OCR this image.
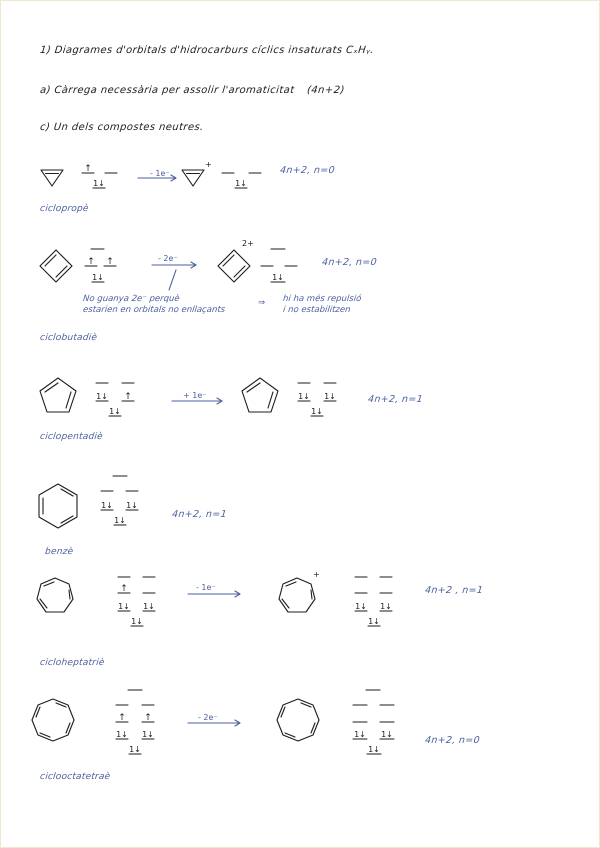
1) Diagrames d'orbitals d'hidrocarburs cíclics insaturats CₓHᵧ.
a) Càrrega necessària per assolir l'aromaticitat (4n+2)
c) Un dels compostes neutres.
ciclopropè
ciclobutadiè
ciclopentadiè
benzè
cicloheptatriè
ciclooctatetraè
4n+2, n=0
4n+2, n=0
4n+2, n=1
4n+2, n=1
4n+2 , n=1
4n+2, n=0
No guanya 2e⁻ perquè
estarien en orbitals no enllaçants
⇒ hi ha més repulsió
i no estabilitzen
↑
1↓
- 1e⁻
+
1↓
↑ ↑
1↓
- 2e⁻
2+
1↓
1↓ ↑
1↓
+ 1e⁻	1↓ 1↓
1↓
1↓ 1↓
1↓
↑
1↓ 1↓
1↓
- 1e⁻
+
1↓ 1↓
1↓
↑ ↑
1↓ 1↓
1↓
- 2e⁻
1↓ 1↓
1↓
